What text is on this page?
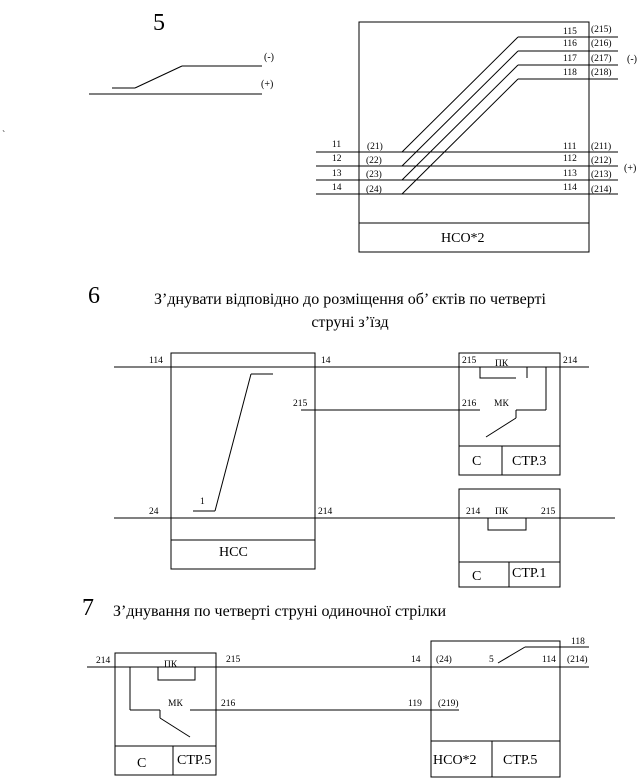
5
(-)
(+)
`
НСО*2
115 (215)
116 (216)
117 (217)
118 (218)
(-)
11	(21)
12	(22)
13	(23)
14	(24)
111 (211)
112 (212)
113 (213)
114 (214)
(+)
6	З’днувати відповідно до розміщення об’ єктів по четверті
струні з’їзд
НСС
114	14
24	214
1
215
С СТР.3
215	214
ПК
216 МК
С СТР.1
214 ПК	215
7 З’днування по четверті струні одиночної стрілки
С СТР.5
214	ПК	215
МК	216
НСО*2 СТР.5
14 (24)	5	114 (214)
118
119 (219)
